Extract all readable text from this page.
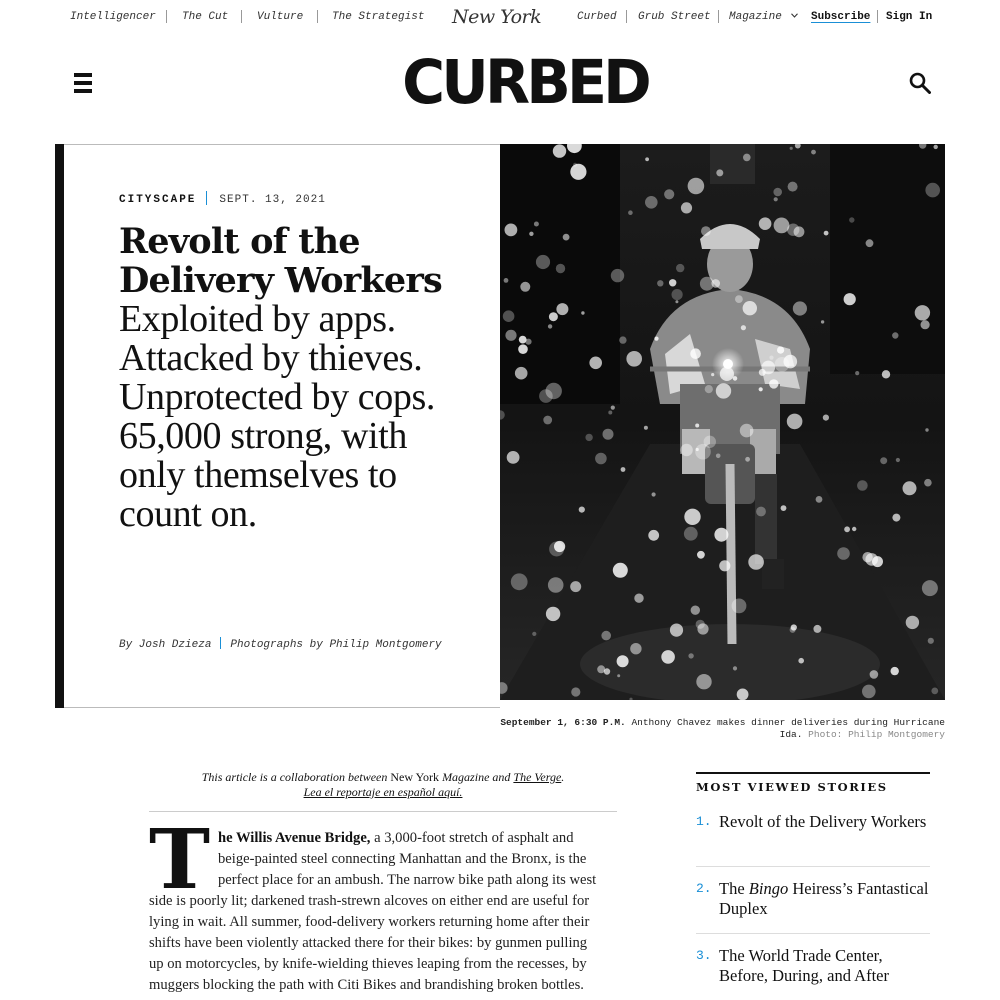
Intelligencer The Cut	Vulture	The Strategist New York	Curbed Grub Street Magazine	Subscribe Sign In
CURBED
CITYSCAPE SEPT. 13, 2021
Revolt of the Delivery Workers Exploited by apps. Attacked by thieves. Unprotected by cops. 65,000 strong, with only themselves to count on.
By Josh Dzieza Photographs by Philip Montgomery
September 1, 6:30 P.M. Anthony Chavez makes dinner deliveries during Hurricane Ida. Photo: Philip Montgomery
This article is a collaboration between New York Magazine and The Verge.
Lea el reportaje en español aquí.
T he Willis Avenue Bridge, a 3,000-foot stretch of asphalt and

beige-painted steel connecting Manhattan and the Bronx, is the

perfect place for an ambush. The narrow bike path along its west

side is poorly lit; darkened trash-strewn alcoves on either end are useful for

lying in wait. All summer, food-delivery workers returning home after their

shifts have been violently attacked there for their bikes: by gunmen pulling

up on motorcycles, by knife-wielding thieves leaping from the recesses, by

muggers blocking the path with Citi Bikes and brandishing broken bottles.

MOST VIEWED STORIES
1. Revolt of the Delivery Workers
2. The Bingo Heiress’s Fantastical Duplex
3. The World Trade Center, Before, During, and After
